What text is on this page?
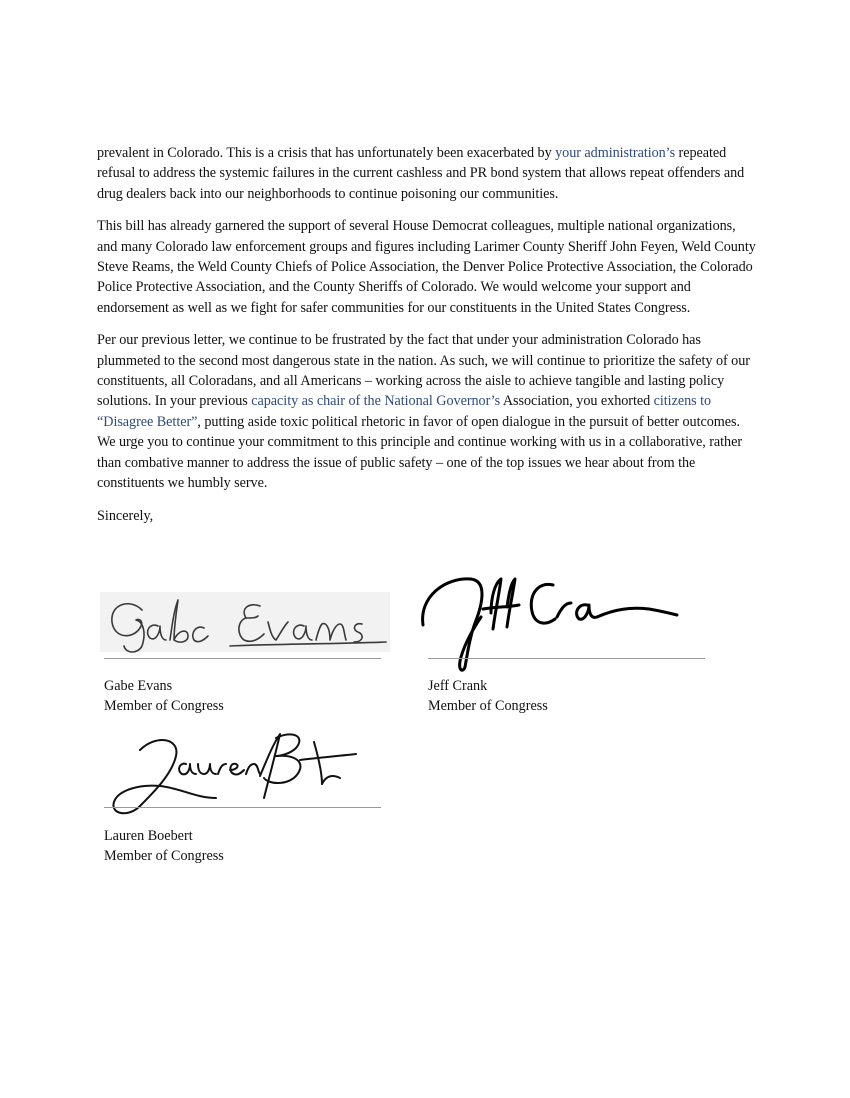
prevalent in Colorado. This is a crisis that has unfortunately been exacerbated by your administration’s repeated refusal to address the systemic failures in the current cashless and PR bond system that allows repeat offenders and drug dealers back into our neighborhoods to continue poisoning our communities.

This bill has already garnered the support of several House Democrat colleagues, multiple national organizations, and many Colorado law enforcement groups and figures including Larimer County Sheriff John Feyen, Weld County Steve Reams, the Weld County Chiefs of Police Association, the Denver Police Protective Association, the Colorado Police Protective Association, and the County Sheriffs of Colorado. We would welcome your support and endorsement as well as we fight for safer communities for our constituents in the United States Congress.

Per our previous letter, we continue to be frustrated by the fact that under your administration Colorado has plummeted to the second most dangerous state in the nation. As such, we will continue to prioritize the safety of our constituents, all Coloradans, and all Americans – working across the aisle to achieve tangible and lasting policy solutions. In your previous capacity as chair of the National Governor’s Association, you exhorted citizens to “Disagree Better”, putting aside toxic political rhetoric in favor of open dialogue in the pursuit of better outcomes. We urge you to continue your commitment to this principle and continue working with us in a collaborative, rather than combative manner to address the issue of public safety – one of the top issues we hear about from the constituents we humbly serve.

Sincerely,

Gabe Evans
Member of Congress
Jeff Crank
Member of Congress
Lauren Boebert
Member of Congress
